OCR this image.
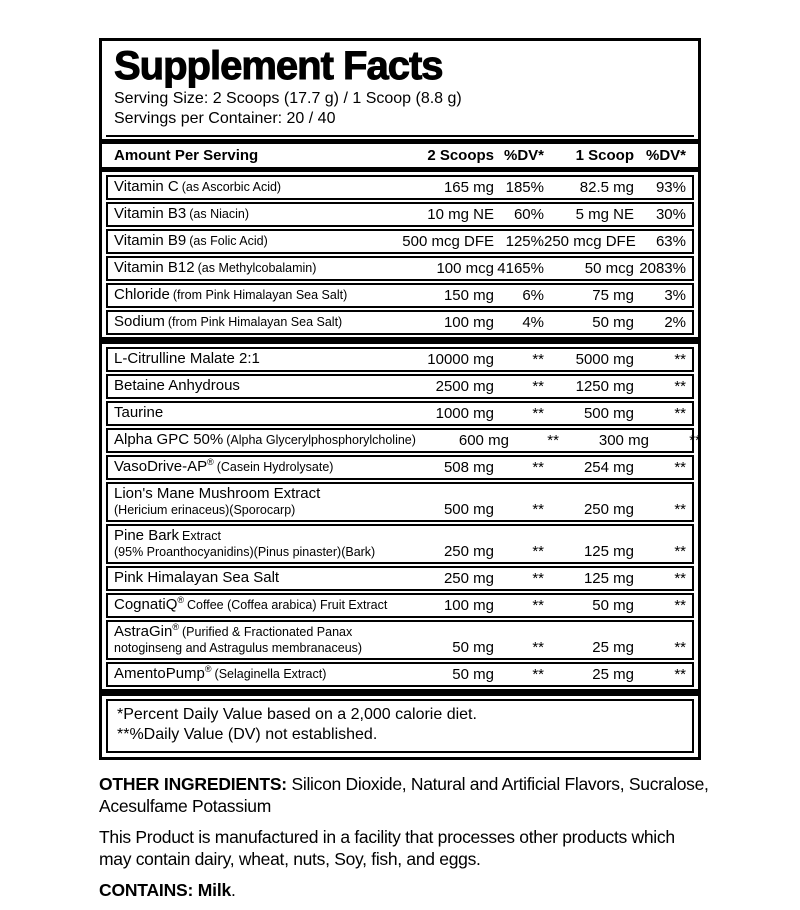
Supplement Facts
Serving Size: 2 Scoops (17.7 g) / 1 Scoop (8.8 g)
Servings per Container: 20 / 40
Amount Per Serving	2 Scoops %DV*	1 Scoop %DV*
Vitamin C (as Ascorbic Acid)	165 mg 185%	82.5 mg	93%
Vitamin B3 (as Niacin)	10 mg NE	60%	5 mg NE	30%
Vitamin B9 (as Folic Acid)	500 mcg DFE 125% 250 mcg DFE	63%
Vitamin B12 (as Methylcobalamin)	100 mcg 4165%	50 mcg 2083%
Chloride (from Pink Himalayan Sea Salt)	150 mg	6%	75 mg	3%
Sodium (from Pink Himalayan Sea Salt)	100 mg	4%	50 mg	2%
L-Citrulline Malate 2:1	10000 mg	**	5000 mg	**
Betaine Anhydrous	2500 mg	**	1250 mg	**
Taurine	1000 mg	**	500 mg	**
Alpha GPC 50% (Alpha Glycerylphosphorylcholine)	600 mg	**	300 mg	**
VasoDrive-AP® (Casein Hydrolysate)	508 mg	**	254 mg	**
Lion's Mane Mushroom Extract
(Hericium erinaceus)(Sporocarp)	500 mg	**	250 mg	**
Pine Bark Extract
(95% Proanthocyanidins)(Pinus pinaster)(Bark)	250 mg	**	125 mg	**
Pink Himalayan Sea Salt	250 mg	**	125 mg	**
CognatiQ® Coffee (Coffea arabica) Fruit Extract	100 mg	**	50 mg	**
AstraGin® (Purified & Fractionated Panax
notoginseng and Astragulus membranaceus)	50 mg	**	25 mg	**
AmentoPump® (Selaginella Extract)	50 mg	**	25 mg	**
*Percent Daily Value based on a 2,000 calorie diet.
**%Daily Value (DV) not established.

OTHER INGREDIENTS: Silicon Dioxide, Natural and Artificial Flavors, Sucralose,
Acesulfame Potassium

This Product is manufactured in a facility that processes other products which
may contain dairy, wheat, nuts, Soy, fish, and eggs.

CONTAINS: Milk.
